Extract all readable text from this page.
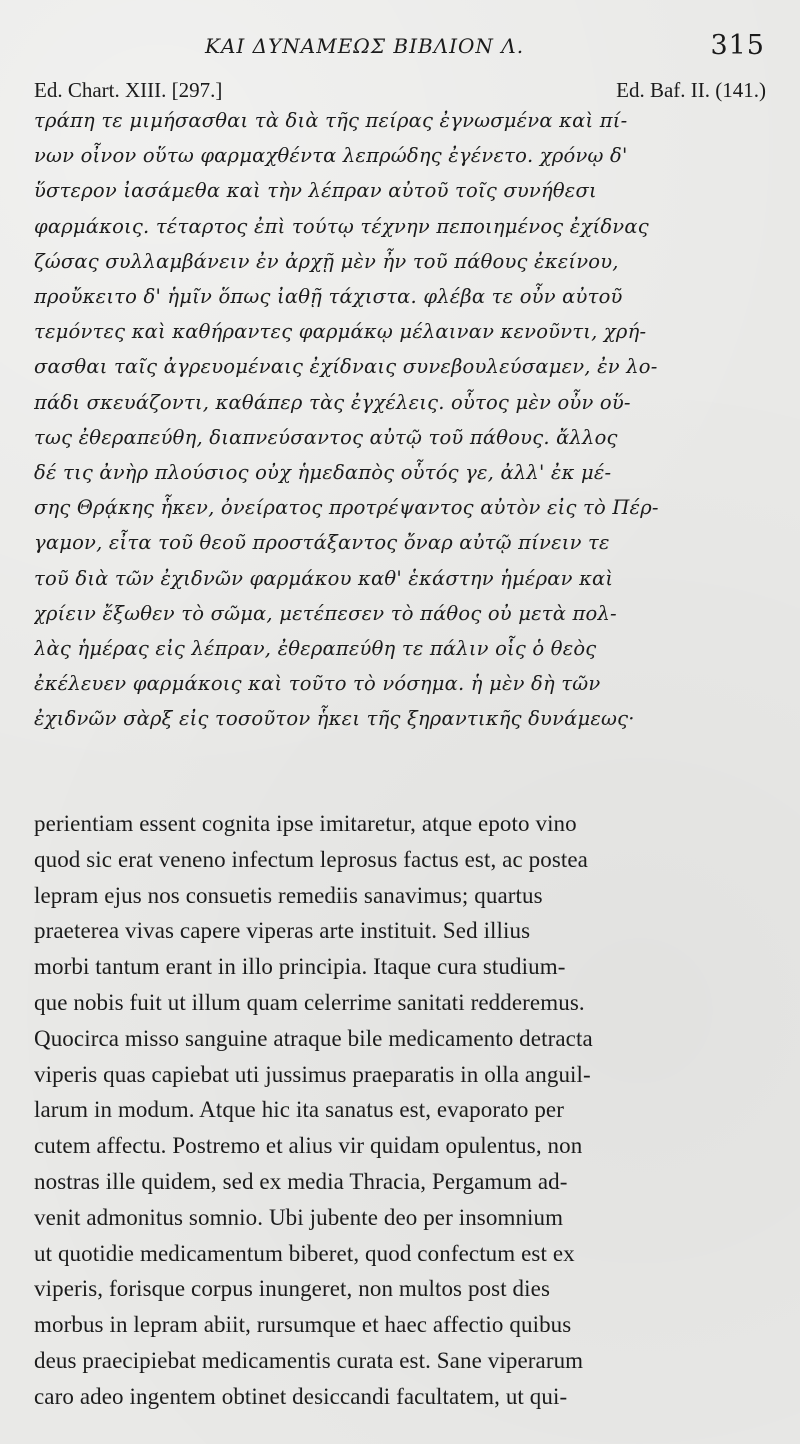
ΚΑΙ ΔΥΝΑΜΕΩΣ ΒΙΒΛΙΟΝ Λ.	315
Ed. Chart. XIII. [297.]	Ed. Baf. II. (141.)
τράπη τε μιμήσασθαι τὰ διὰ τῆς πείρας ἐγνωσμένα καὶ πί-
νων οἶνον οὕτω φαρμαχθέντα λεπρώδης ἐγένετο. χρόνῳ δ'
ὕστερον ἰασάμεθα καὶ τὴν λέπραν αὐτοῦ τοῖς συνήθεσι
φαρμάκοις. τέταρτος ἐπὶ τούτῳ τέχνην πεποιημένος ἐχίδνας
ζώσας συλλαμβάνειν ἐν ἀρχῇ μὲν ἦν τοῦ πάθους ἐκείνου,
προὔκειτο δ' ἡμῖν ὅπως ἰαθῇ τάχιστα. φλέβα τε οὖν αὐτοῦ
τεμόντες καὶ καθήραντες φαρμάκῳ μέλαιναν κενοῦντι, χρή-
σασθαι ταῖς ἀγρευομέναις ἐχίδναις συνεβουλεύσαμεν, ἐν λο-
πάδι σκευάζοντι, καθάπερ τὰς ἐγχέλεις. οὗτος μὲν οὖν οὕ-
τως ἐθεραπεύθη, διαπνεύσαντος αὐτῷ τοῦ πάθους. ἄλλος
δέ τις ἀνὴρ πλούσιος οὐχ ἡμεδαπὸς οὗτός γε, ἀλλ' ἐκ μέ-
σης Θρᾴκης ἧκεν, ὀνείρατος προτρέψαντος αὐτὸν εἰς τὸ Πέρ-
γαμον, εἶτα τοῦ θεοῦ προστάξαντος ὄναρ αὐτῷ πίνειν τε
τοῦ διὰ τῶν ἐχιδνῶν φαρμάκου καθ' ἑκάστην ἡμέραν καὶ
χρίειν ἔξωθεν τὸ σῶμα, μετέπεσεν τὸ πάθος οὐ μετὰ πολ-
λὰς ἡμέρας εἰς λέπραν, ἐθεραπεύθη τε πάλιν οἷς ὁ θεὸς
ἐκέλευεν φαρμάκοις καὶ τοῦτο τὸ νόσημα. ἡ μὲν δὴ τῶν
ἐχιδνῶν σὰρξ εἰς τοσοῦτον ἧκει τῆς ξηραντικῆς δυνάμεως·
perientiam essent cognita ipse imitaretur, atque epoto vino
quod sic erat veneno infectum leprosus factus est, ac postea
lepram ejus nos consuetis remediis sanavimus; quartus
praeterea vivas capere viperas arte instituit. Sed illius
morbi tantum erant in illo principia. Itaque cura studium-
que nobis fuit ut illum quam celerrime sanitati redderemus.
Quocirca misso sanguine atraque bile medicamento detracta
viperis quas capiebat uti jussimus praeparatis in olla anguil-
larum in modum. Atque hic ita sanatus est, evaporato per
cutem affectu. Postremo et alius vir quidam opulentus, non
nostras ille quidem, sed ex media Thracia, Pergamum ad-
venit admonitus somnio. Ubi jubente deo per insomnium
ut quotidie medicamentum biberet, quod confectum est ex
viperis, forisque corpus inungeret, non multos post dies
morbus in lepram abiit, rursumque et haec affectio quibus
deus praecipiebat medicamentis curata est. Sane viperarum
caro adeo ingentem obtinet desiccandi facultatem, ut qui-
